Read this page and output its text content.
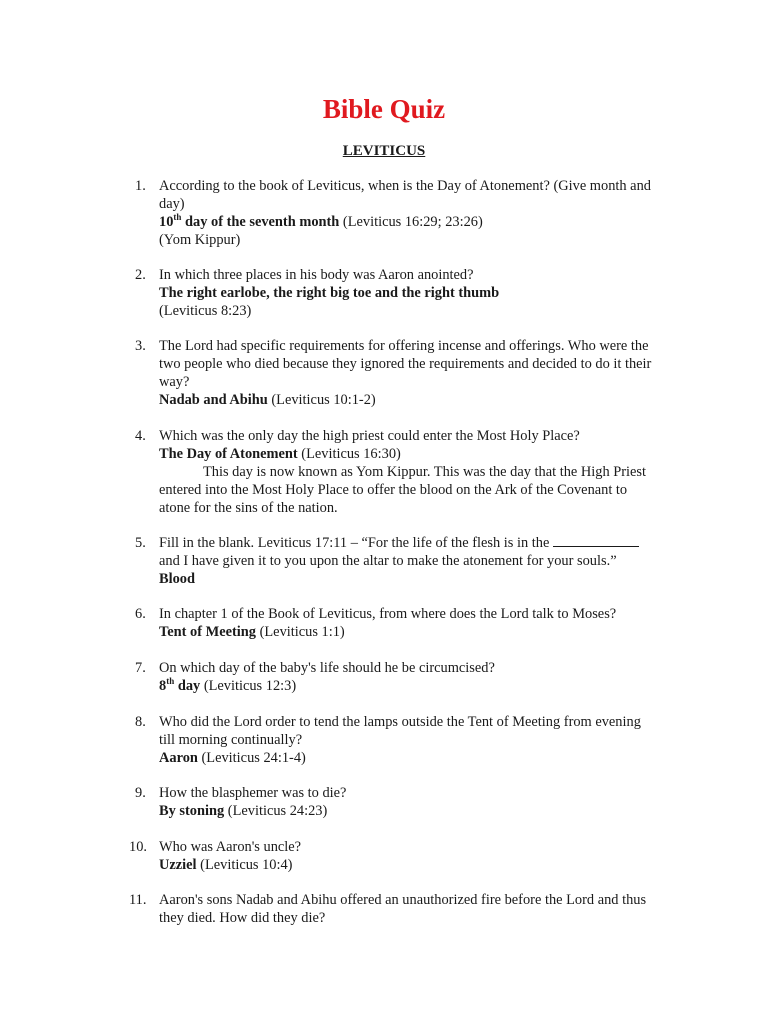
Bible Quiz
LEVITICUS
1. According to the book of Leviticus, when is the Day of Atonement? (Give month and day)
10th day of the seventh month (Leviticus 16:29; 23:26)
(Yom Kippur)
2. In which three places in his body was Aaron anointed?
The right earlobe, the right big toe and the right thumb
(Leviticus 8:23)
3. The Lord had specific requirements for offering incense and offerings. Who were the two people who died because they ignored the requirements and decided to do it their way?
Nadab and Abihu (Leviticus 10:1-2)
4. Which was the only day the high priest could enter the Most Holy Place?
The Day of Atonement (Leviticus 16:30)
This day is now known as Yom Kippur. This was the day that the High Priest entered into the Most Holy Place to offer the blood on the Ark of the Covenant to atone for the sins of the nation.
5. Fill in the blank. Leviticus 17:11 – “For the life of the flesh is in the  and I have given it to you upon the altar to make the atonement for your souls.”
Blood
6. In chapter 1 of the Book of Leviticus, from where does the Lord talk to Moses?
Tent of Meeting (Leviticus 1:1)
7. On which day of the baby's life should he be circumcised?
8th day (Leviticus 12:3)
8. Who did the Lord order to tend the lamps outside the Tent of Meeting from evening till morning continually?
Aaron (Leviticus 24:1-4)
9. How the blasphemer was to die?
By stoning (Leviticus 24:23)
10. Who was Aaron's uncle?
Uzziel (Leviticus 10:4)
11. Aaron's sons Nadab and Abihu offered an unauthorized fire before the Lord and thus they died. How did they die?
